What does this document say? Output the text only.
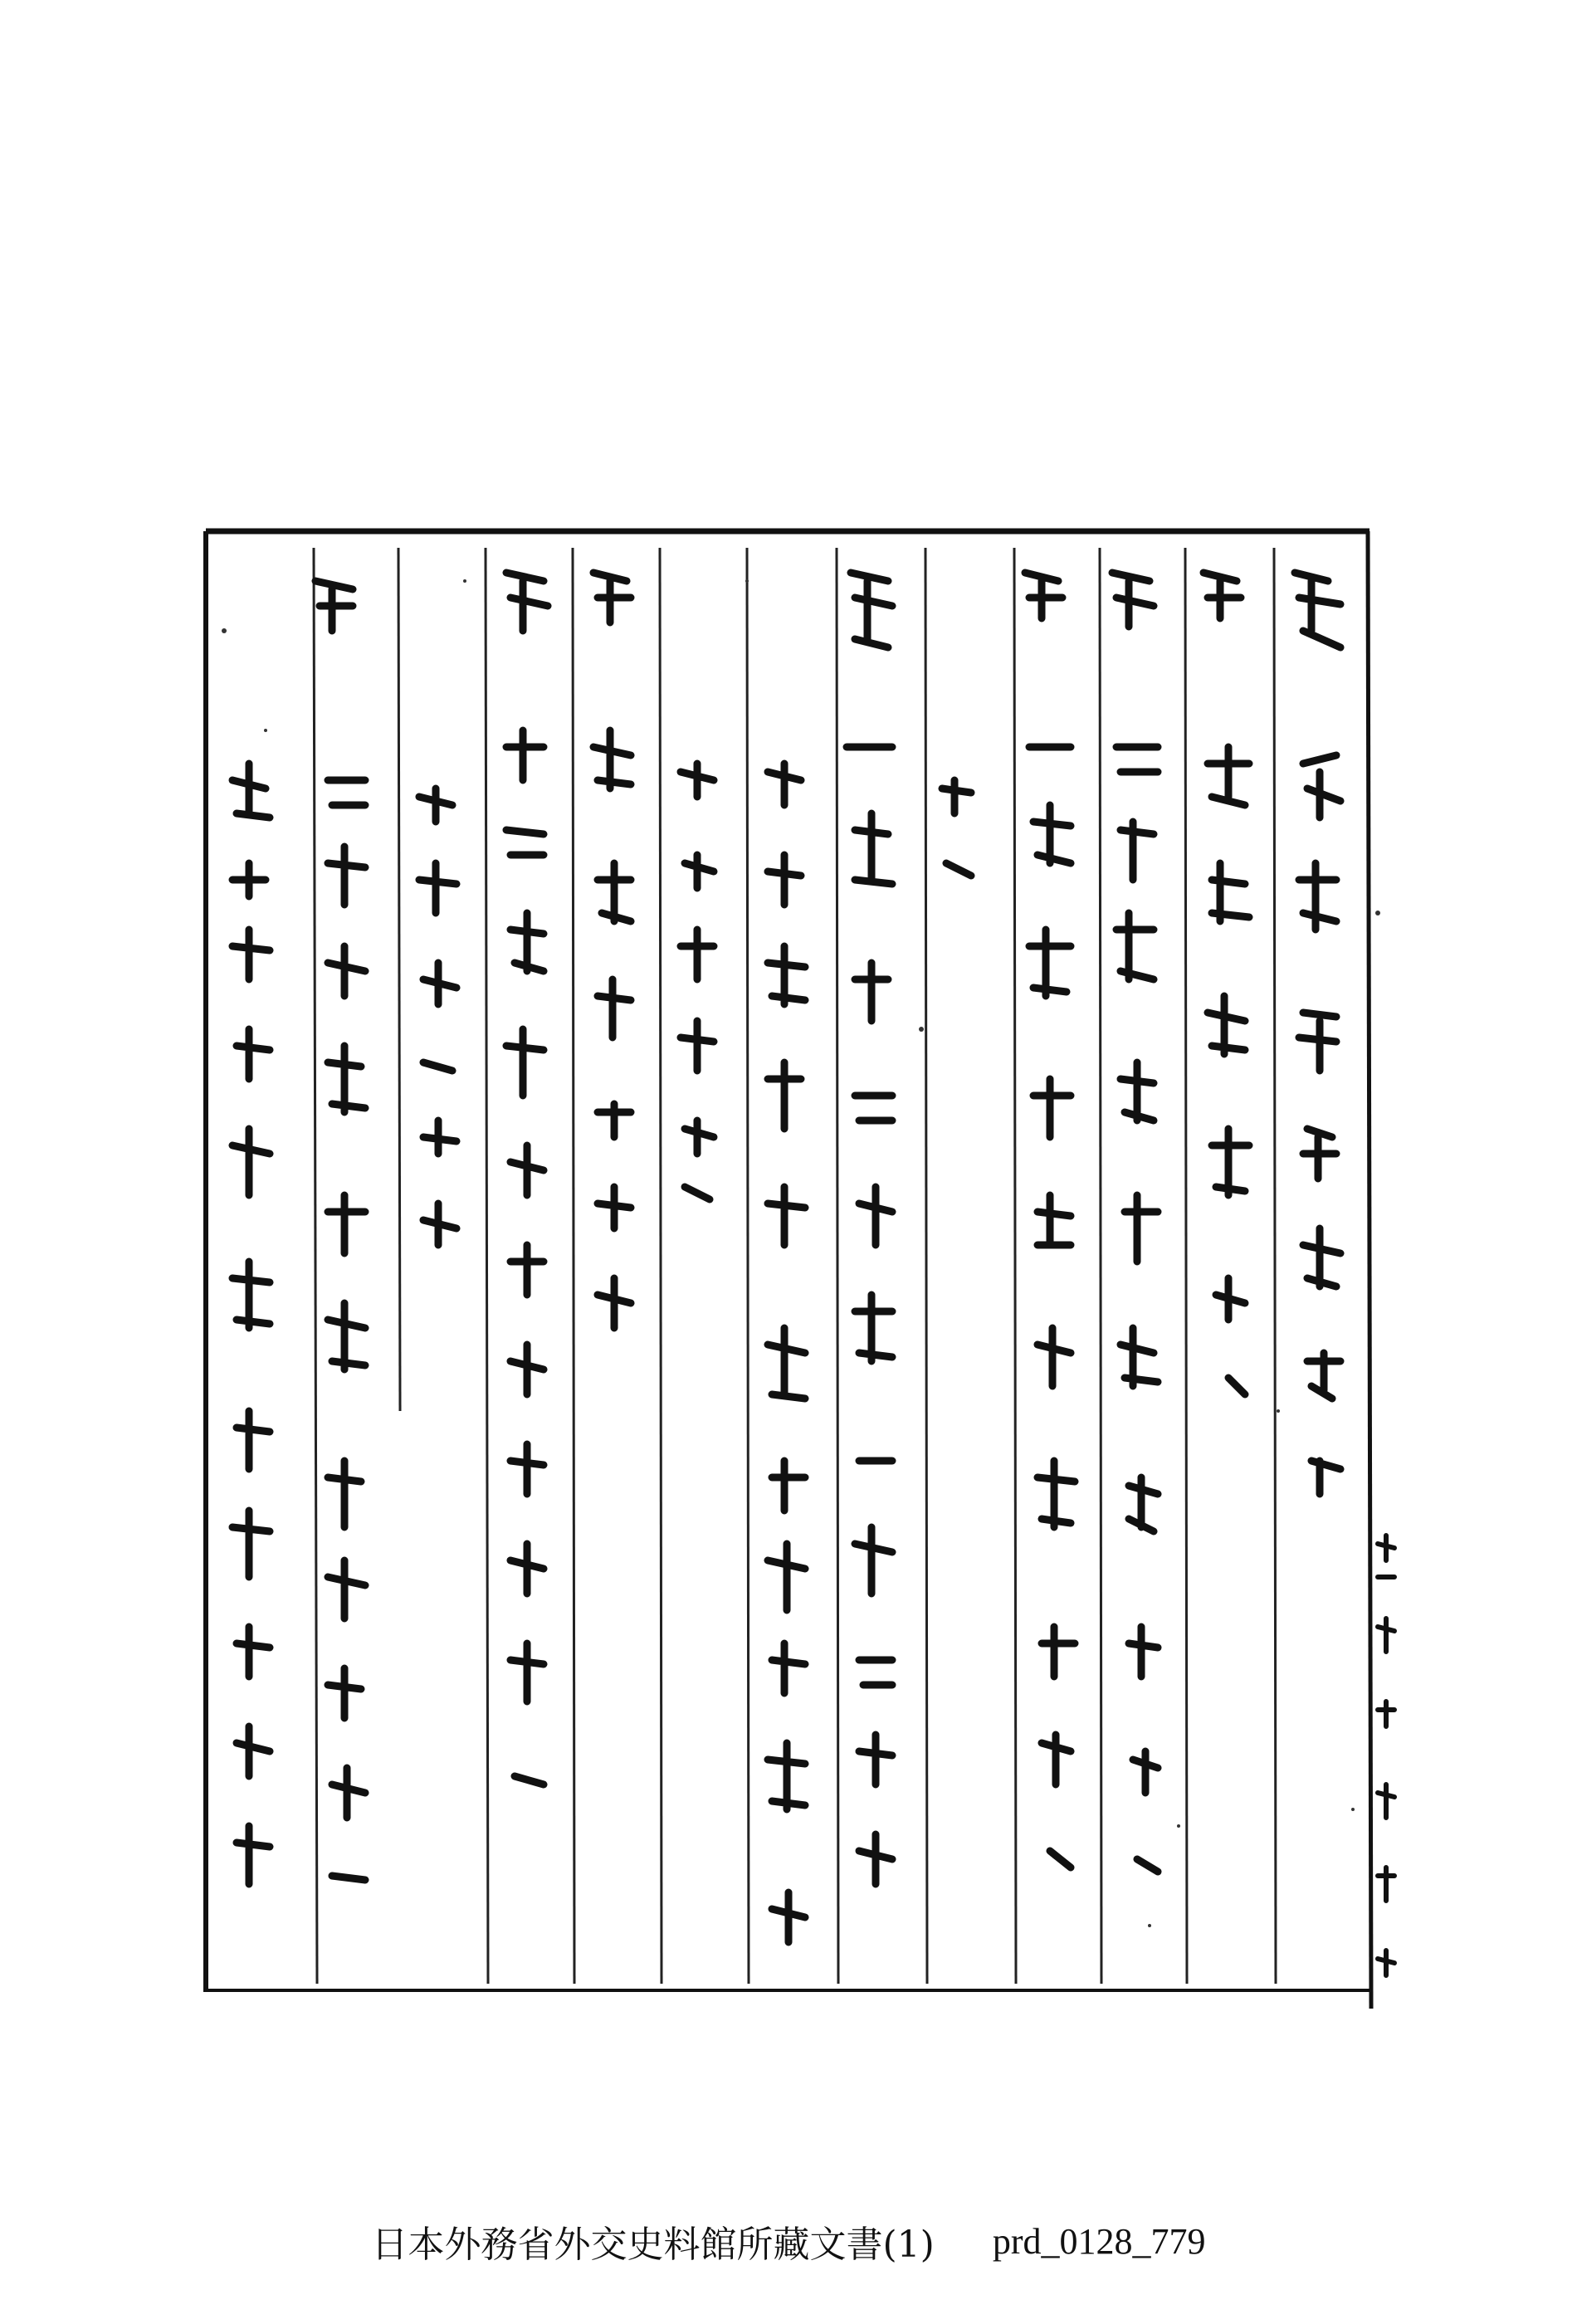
日本外務省外交史料館所藏文書(1) prd_0128_779
